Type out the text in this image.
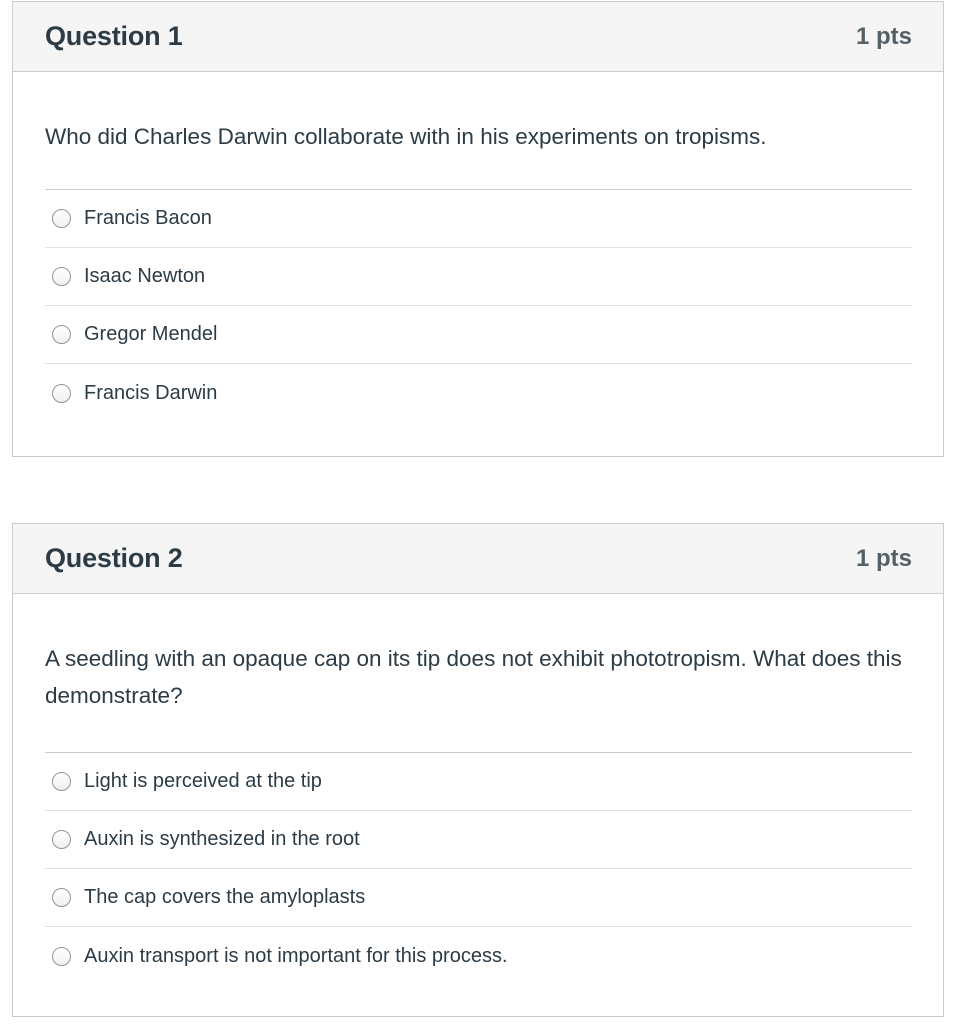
Question 1	1 pts

Who did Charles Darwin collaborate with in his experiments on tropisms.

Francis Bacon
Isaac Newton
Gregor Mendel
Francis Darwin
Question 2	1 pts

A seedling with an opaque cap on its tip does not exhibit phototropism. What does this demonstrate?

Light is perceived at the tip
Auxin is synthesized in the root
The cap covers the amyloplasts
Auxin transport is not important for this process.
